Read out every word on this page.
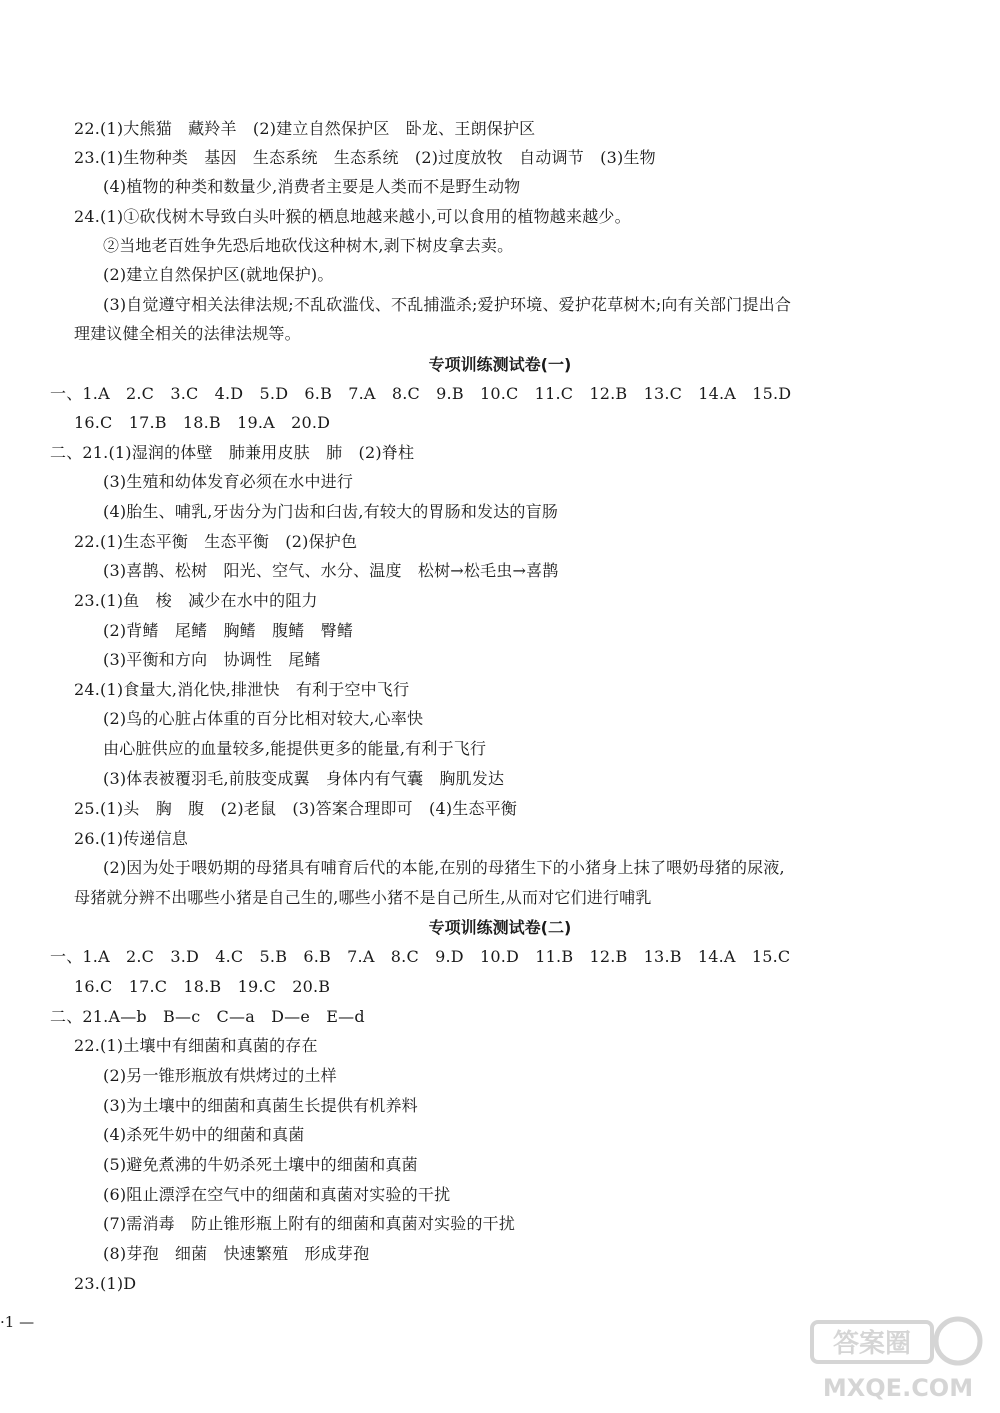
22.(1)大熊猫　藏羚羊　(2)建立自然保护区　卧龙、王朗保护区
23.(1)生物种类　基因　生态系统　生态系统　(2)过度放牧　自动调节　(3)生物
(4)植物的种类和数量少,消费者主要是人类而不是野生动物
24.(1)①砍伐树木导致白头叶猴的栖息地越来越小,可以食用的植物越来越少。
②当地老百姓争先恐后地砍伐这种树木,剥下树皮拿去卖。
(2)建立自然保护区(就地保护)。
(3)自觉遵守相关法律法规;不乱砍滥伐、不乱捕滥杀;爱护环境、爱护花草树木;向有关部门提出合
理建议健全相关的法律法规等。
专项训练测试卷(一)
一、1.A　2.C　3.C　4.D　5.D　6.B　7.A　8.C　9.B　10.C　11.C　12.B　13.C　14.A　15.D
16.C　17.B　18.B　19.A　20.D
二、21.(1)湿润的体壁　肺兼用皮肤　肺　(2)脊柱
(3)生殖和幼体发育必须在水中进行
(4)胎生、哺乳,牙齿分为门齿和臼齿,有较大的胃肠和发达的盲肠
22.(1)生态平衡　生态平衡　(2)保护色
(3)喜鹊、松树　阳光、空气、水分、温度　松树→松毛虫→喜鹊
23.(1)鱼　梭　减少在水中的阻力
(2)背鳍　尾鳍　胸鳍　腹鳍　臀鳍
(3)平衡和方向　协调性　尾鳍
24.(1)食量大,消化快,排泄快　有利于空中飞行
(2)鸟的心脏占体重的百分比相对较大,心率快
由心脏供应的血量较多,能提供更多的能量,有利于飞行
(3)体表被覆羽毛,前肢变成翼　身体内有气囊　胸肌发达
25.(1)头　胸　腹　(2)老鼠　(3)答案合理即可　(4)生态平衡
26.(1)传递信息
(2)因为处于喂奶期的母猪具有哺育后代的本能,在别的母猪生下的小猪身上抹了喂奶母猪的尿液,
母猪就分辨不出哪些小猪是自己生的,哪些小猪不是自己所生,从而对它们进行哺乳
专项训练测试卷(二)
一、1.A　2.C　3.D　4.C　5.B　6.B　7.A　8.C　9.D　10.D　11.B　12.B　13.B　14.A　15.C
16.C　17.C　18.B　19.C　20.B
二、21.A—b　B—c　C—a　D—e　E—d
22.(1)土壤中有细菌和真菌的存在
(2)另一锥形瓶放有烘烤过的土样
(3)为土壤中的细菌和真菌生长提供有机养料
(4)杀死牛奶中的细菌和真菌
(5)避免煮沸的牛奶杀死土壤中的细菌和真菌
(6)阻止漂浮在空气中的细菌和真菌对实验的干扰
(7)需消毒　防止锥形瓶上附有的细菌和真菌对实验的干扰
(8)芽孢　细菌　快速繁殖　形成芽孢
23.(1)D
·1 —
答案圈
MXQE.COM
